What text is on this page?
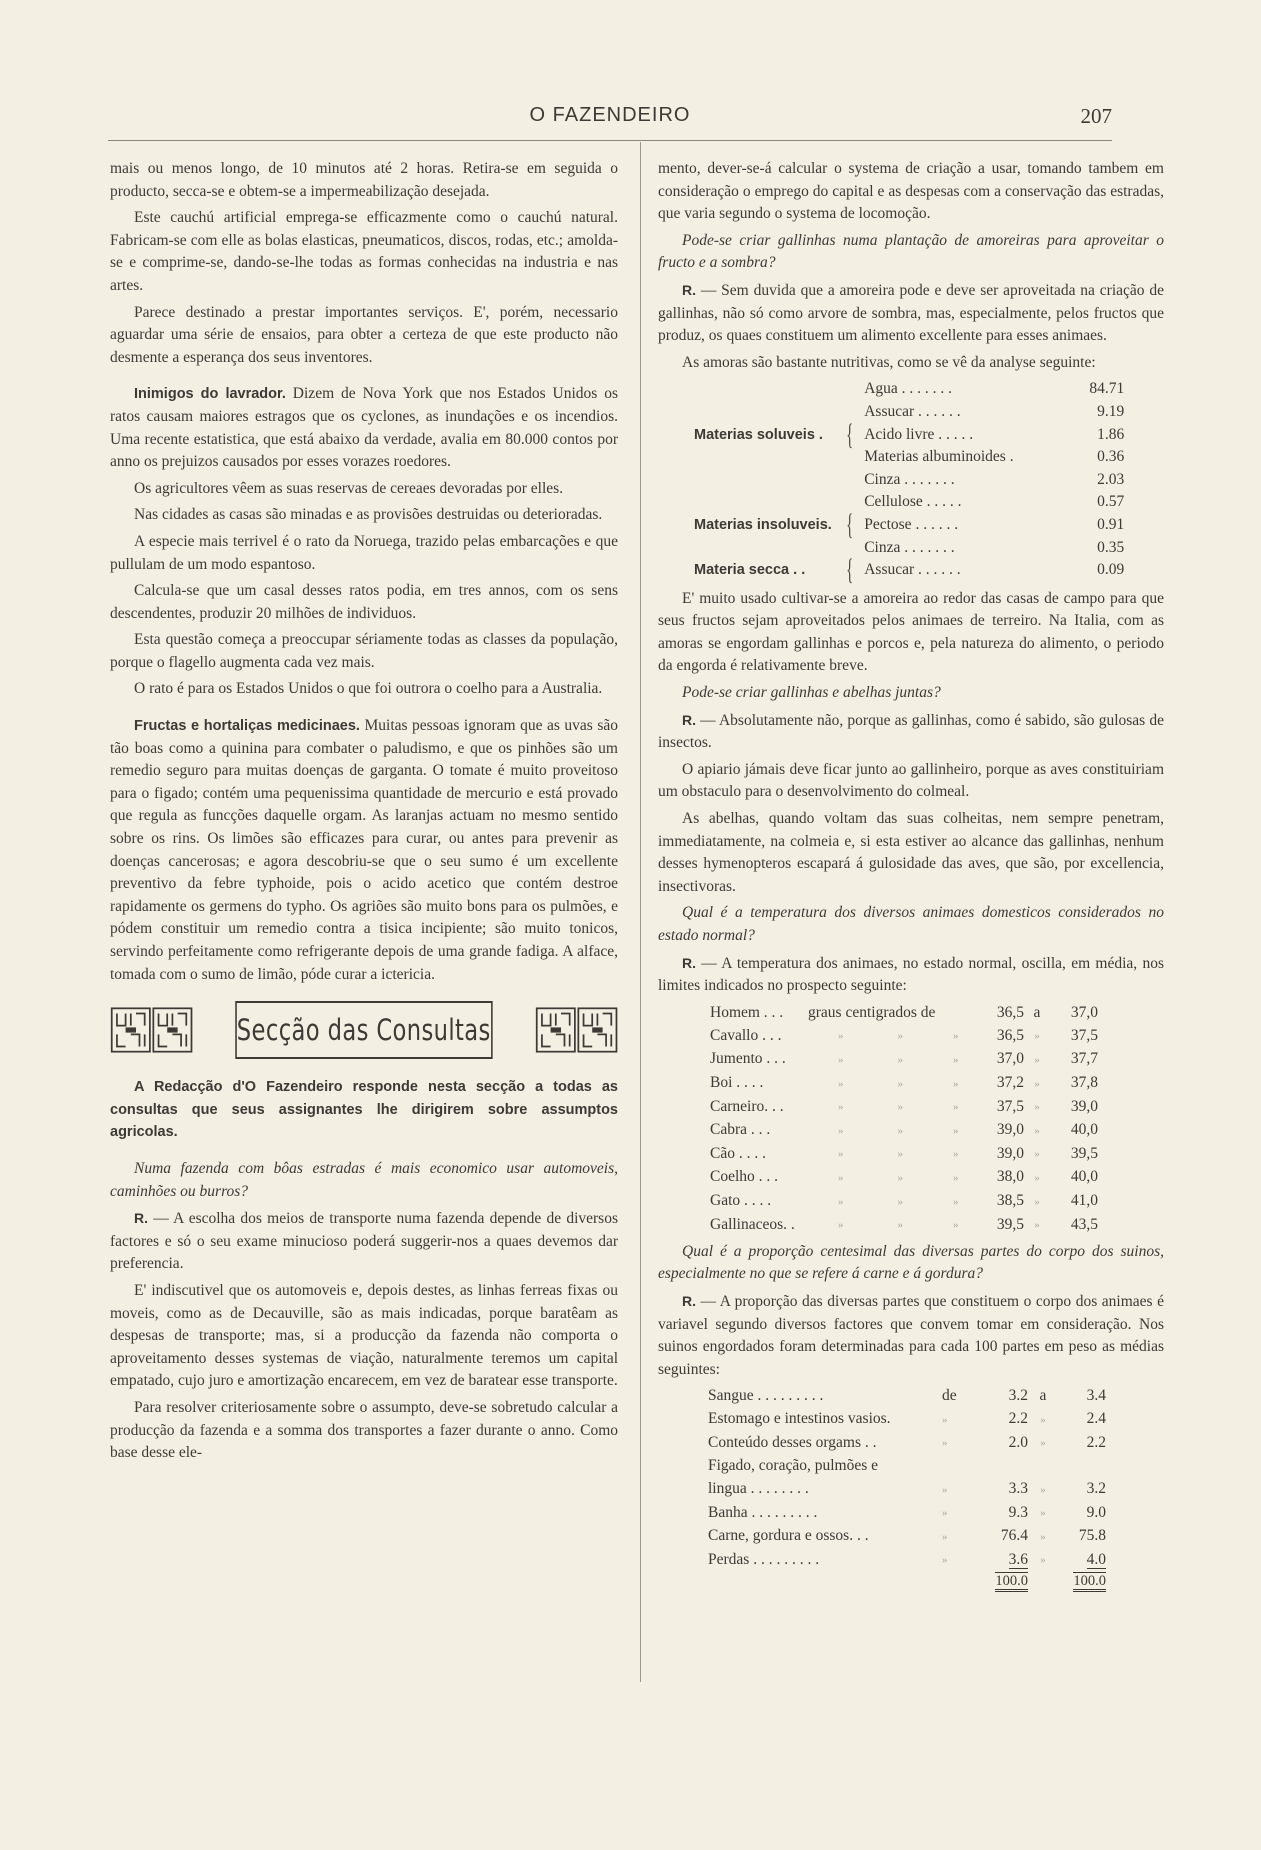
O FAZENDEIRO	207

mais ou menos longo, de 10 minutos até 2 horas. Retira-se em seguida o producto, secca-se e obtem-se a impermeabilização desejada.

Este cauchú artificial emprega-se efficazmente como o cauchú natural. Fabricam-se com elle as bolas elasticas, pneumaticos, discos, rodas, etc.; amolda-se e comprime-se, dando-se-lhe todas as formas conhecidas na industria e nas artes.

Parece destinado a prestar importantes serviços. E', porém, necessario aguardar uma série de ensaios, para obter a certeza de que este producto não desmente a esperança dos seus inventores.

Inimigos do lavrador. Dizem de Nova York que nos Estados Unidos os ratos causam maiores estragos que os cyclones, as inundações e os incendios. Uma recente estatistica, que está abaixo da verdade, avalia em 80.000 contos por anno os prejuizos causados por esses vorazes roedores.

Os agricultores vêem as suas reservas de cereaes devoradas por elles.

Nas cidades as casas são minadas e as provisões destruidas ou deterioradas.

A especie mais terrivel é o rato da Noruega, trazido pelas embarcações e que pullulam de um modo espantoso.

Calcula-se que um casal desses ratos podia, em tres annos, com os sens descendentes, produzir 20 milhões de individuos.

Esta questão começa a preoccupar sériamente todas as classes da população, porque o flagello augmenta cada vez mais.

O rato é para os Estados Unidos o que foi outrora o coelho para a Australia.

Fructas e hortaliças medicinaes. Muitas pessoas ignoram que as uvas são tão boas como a quinina para combater o paludismo, e que os pinhões são um remedio seguro para muitas doenças de garganta. O tomate é muito proveitoso para o figado; contém uma pequenissima quantidade de mercurio e está provado que regula as funcções daquelle orgam. As laranjas actuam no mesmo sentido sobre os rins. Os limões são efficazes para curar, ou antes para prevenir as doenças cancerosas; e agora descobriu-se que o seu sumo é um excellente preventivo da febre typhoide, pois o acido acetico que contém destroe rapidamente os germens do typho. Os agriões são muito bons para os pulmões, e pódem constituir um remedio contra a tisica incipiente; são muito tonicos, servindo perfeitamente como refrigerante depois de uma grande fadiga. A alface, tomada com o sumo de limão, póde curar a ictericia.

Secção das Consultas

A Redacção d'O Fazendeiro responde nesta secção a todas as consultas que seus assignantes lhe dirigirem sobre assumptos agricolas.

Numa fazenda com bôas estradas é mais economico usar automoveis, caminhões ou burros?

R. — A escolha dos meios de transporte numa fazenda depende de diversos factores e só o seu exame minucioso poderá suggerir-nos a quaes devemos dar preferencia.

E' indiscutivel que os automoveis e, depois destes, as linhas ferreas fixas ou moveis, como as de Decauville, são as mais indicadas, porque baratêam as despesas de transporte; mas, si a producção da fazenda não comporta o aproveitamento desses systemas de viação, naturalmente teremos um capital empatado, cujo juro e amortização encarecem, em vez de baratear esse transporte.

Para resolver criteriosamente sobre o assumpto, deve-se sobretudo calcular a producção da fazenda e a somma dos transportes a fazer durante o anno. Como base desse ele-

mento, dever-se-á calcular o systema de criação a usar, tomando tambem em consideração o emprego do capital e as despesas com a conservação das estradas, que varia segundo o systema de locomoção.

Pode-se criar gallinhas numa plantação de amoreiras para aproveitar o fructo e a sombra?

R. — Sem duvida que a amoreira pode e deve ser aproveitada na criação de gallinhas, não só como arvore de sombra, mas, especialmente, pelos fructos que produz, os quaes constituem um alimento excellente para esses animaes.

As amoras são bastante nutritivas, como se vê da analyse seguinte:

Materias soluveis .	{	Agua . . . . . . .	84.71
		Assucar . . . . . .	9.19
		Acido livre . . . . .	1.86
		Materias albuminoides .	0.36
		Cinza . . . . . . .	2.03
Materias insoluveis.	{	Cellulose . . . . .	0.57
		Pectose . . . . . .	0.91
		Cinza . . . . . . .	0.35
Materia secca . .	{	Assucar . . . . . .	0.09

E' muito usado cultivar-se a amoreira ao redor das casas de campo para que seus fructos sejam aproveitados pelos animaes de terreiro. Na Italia, com as amoras se engordam gallinhas e porcos e, pela natureza do alimento, o periodo da engorda é relativamente breve.

Pode-se criar gallinhas e abelhas juntas?

R. — Absolutamente não, porque as gallinhas, como é sabido, são gulosas de insectos.

O apiario jámais deve ficar junto ao gallinheiro, porque as aves constituiriam um obstaculo para o desenvolvimento do colmeal.

As abelhas, quando voltam das suas colheitas, nem sempre penetram, immediatamente, na colmeia e, si esta estiver ao alcance das gallinhas, nenhum desses hymenopteros escapará á gulosidade das aves, que são, por excellencia, insectivoras.

Qual é a temperatura dos diversos animaes domesticos considerados no estado normal?

R. — A temperatura dos animaes, no estado normal, oscilla, em média, nos limites indicados no prospecto seguinte:

Homem . . .	graus centigrados de	36,5	a	37,0
Cavallo . . .	» » »	36,5	»	37,5
Jumento . . .	» » »	37,0	»	37,7
Boi . . . .	» » »	37,2	»	37,8
Carneiro. . .	» » »	37,5	»	39,0
Cabra . . .	» » »	39,0	»	40,0
Cão . . . .	» » »	39,0	»	39,5
Coelho . . .	» » »	38,0	»	40,0
Gato . . . .	» » »	38,5	»	41,0
Gallinaceos. .	» » »	39,5	»	43,5

Qual é a proporção centesimal das diversas partes do corpo dos suinos, especialmente no que se refere á carne e á gordura?

R. — A proporção das diversas partes que constituem o corpo dos animaes é variavel segundo diversos factores que convem tomar em consideração. Nos suinos engordados foram determinadas para cada 100 partes em peso as médias seguintes:

Sangue . . . . . . . . .	de	3.2	a	3.4
Estomago e intestinos vasios.	»	2.2	»	2.4
Conteúdo desses orgams . .	»	2.0	»	2.2
Figado, coração, pulmões e				
lingua . . . . . . . .	»	3.3	»	3.2
Banha . . . . . . . . .	»	9.3	»	9.0
Carne, gordura e ossos. . .	»	76.4	»	75.8
Perdas . . . . . . . . .	»	3.6	»	4.0
		100.0		100.0
